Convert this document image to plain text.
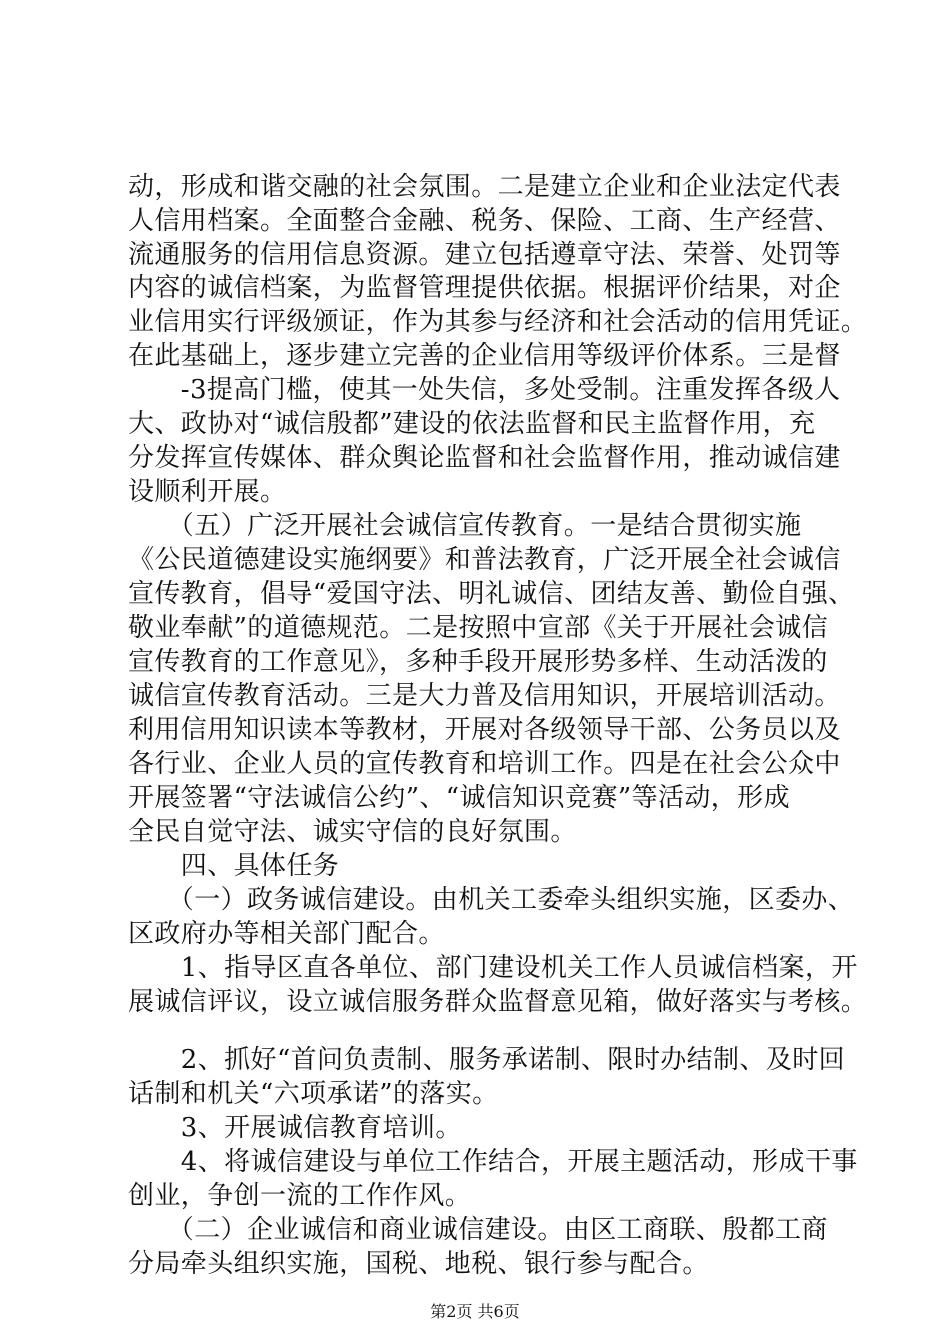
动，形成和谐交融的社会氛围。二是建立企业和企业法定代表
人信用档案。全面整合金融、税务、保险、工商、生产经营、
流通服务的信用信息资源。建立包括遵章守法、荣誉、处罚等
内容的诚信档案，为监督管理提供依据。根据评价结果，对企
业信用实行评级颁证，作为其参与经济和社会活动的信用凭证。
在此基础上，逐步建立完善的企业信用等级评价体系。三是督
　　-3提高门槛，使其一处失信，多处受制。注重发挥各级人
大、政协对“诚信殷都”建设的依法监督和民主监督作用，充
分发挥宣传媒体、群众舆论监督和社会监督作用，推动诚信建
设顺利开展。
　　（五）广泛开展社会诚信宣传教育。一是结合贯彻实施
《公民道德建设实施纲要》和普法教育，广泛开展全社会诚信
宣传教育，倡导“爱国守法、明礼诚信、团结友善、勤俭自强、
敬业奉献”的道德规范。二是按照中宣部《关于开展社会诚信
宣传教育的工作意见》，多种手段开展形势多样、生动活泼的
诚信宣传教育活动。三是大力普及信用知识，开展培训活动。
利用信用知识读本等教材，开展对各级领导干部、公务员以及
各行业、企业人员的宣传教育和培训工作。四是在社会公众中
开展签署“守法诚信公约”、“诚信知识竞赛”等活动，形成
全民自觉守法、诚实守信的良好氛围。
　　四、具体任务
　　（一）政务诚信建设。由机关工委牵头组织实施，区委办、
区政府办等相关部门配合。
　　1、指导区直各单位、部门建设机关工作人员诚信档案，开
展诚信评议，设立诚信服务群众监督意见箱，做好落实与考核。
　　2、抓好“首问负责制、服务承诺制、限时办结制、及时回
话制和机关“六项承诺”的落实。
　　3、开展诚信教育培训。
　　4、将诚信建设与单位工作结合，开展主题活动，形成干事
创业，争创一流的工作作风。
　　（二）企业诚信和商业诚信建设。由区工商联、殷都工商
分局牵头组织实施，国税、地税、银行参与配合。
第2页 共6页
